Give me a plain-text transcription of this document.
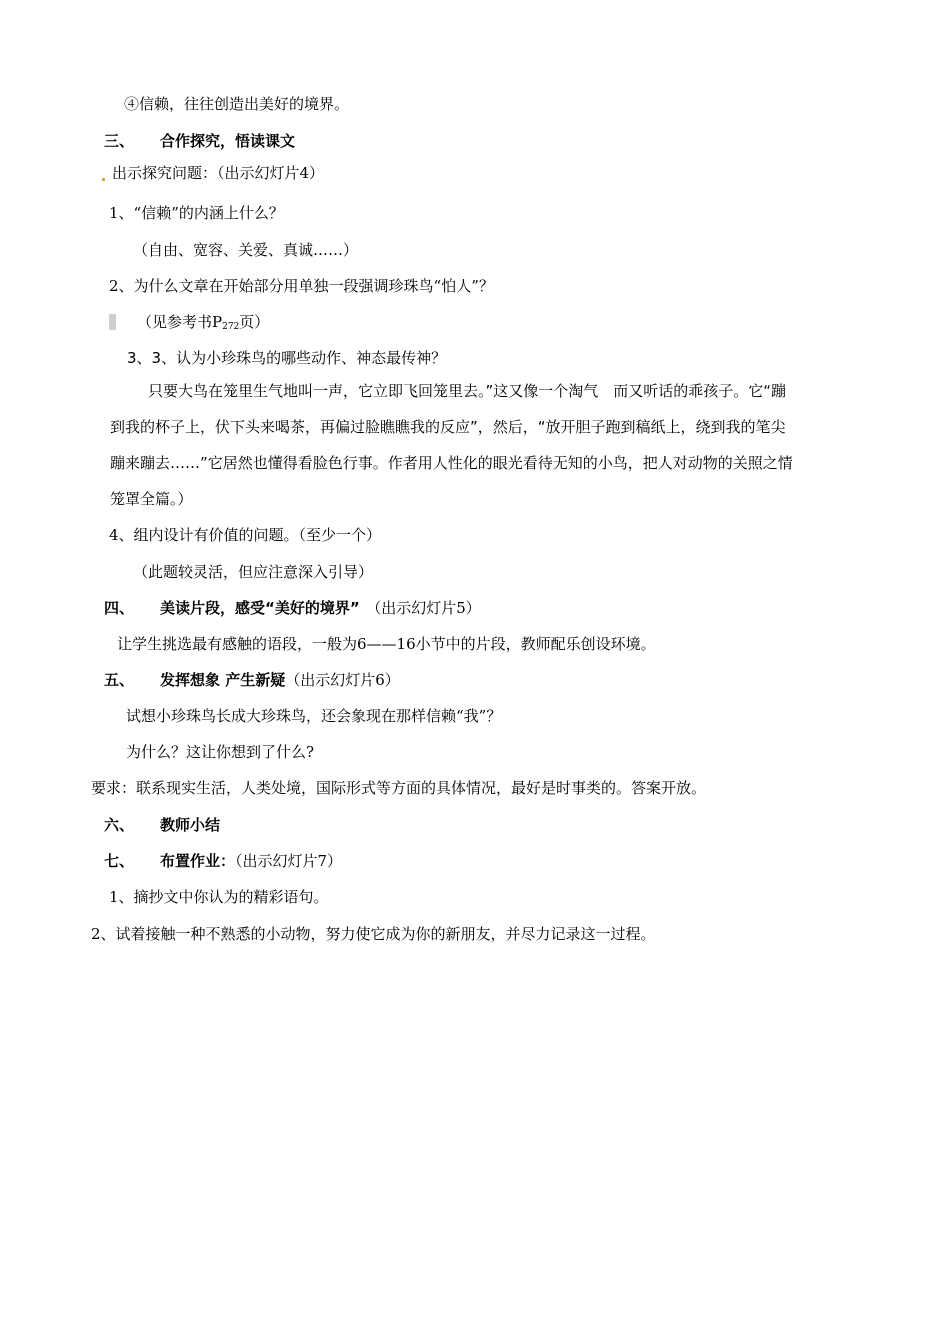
④信赖，往往创造出美好的境界。
三、 合作探究，悟读课文
出示探究问题：（出示幻灯片4）
1、“信赖”的内涵上什么？
（自由、宽容、关爱、真诚……）
2、为什么文章在开始部分用单独一段强调珍珠鸟“怕人”？
（见参考书$P_{272}$页）
3、3、认为小珍珠鸟的哪些动作、神态最传神？
只要大鸟在笼里生气地叫一声，它立即飞回笼里去。”这又像一个淘气　而又听话的乖孩子。它“蹦
到我的杯子上，伏下头来喝茶，再偏过脸瞧瞧我的反应”，然后，“放开胆子跑到稿纸上，绕到我的笔尖
蹦来蹦去……”它居然也懂得看脸色行事。作者用人性化的眼光看待无知的小鸟，把人对动物的关照之情
笼罩全篇。）
4、组内设计有价值的问题。（至少一个）
（此题较灵活，但应注意深入引导）
四、 美读片段，感受“美好的境界” （出示幻灯片5）
让学生挑选最有感触的语段，一般为6——16小节中的片段，教师配乐创设环境。
五、 发挥想象 产生新疑（出示幻灯片6）
试想小珍珠鸟长成大珍珠鸟，还会象现在那样信赖“我”？
为什么？这让你想到了什么?
要求：联系现实生活，人类处境，国际形式等方面的具体情况，最好是时事类的。答案开放。
六、 教师小结
七、 布置作业：（出示幻灯片7）
1、摘抄文中你认为的精彩语句。
2、试着接触一种不熟悉的小动物，努力使它成为你的新朋友，并尽力记录这一过程。
